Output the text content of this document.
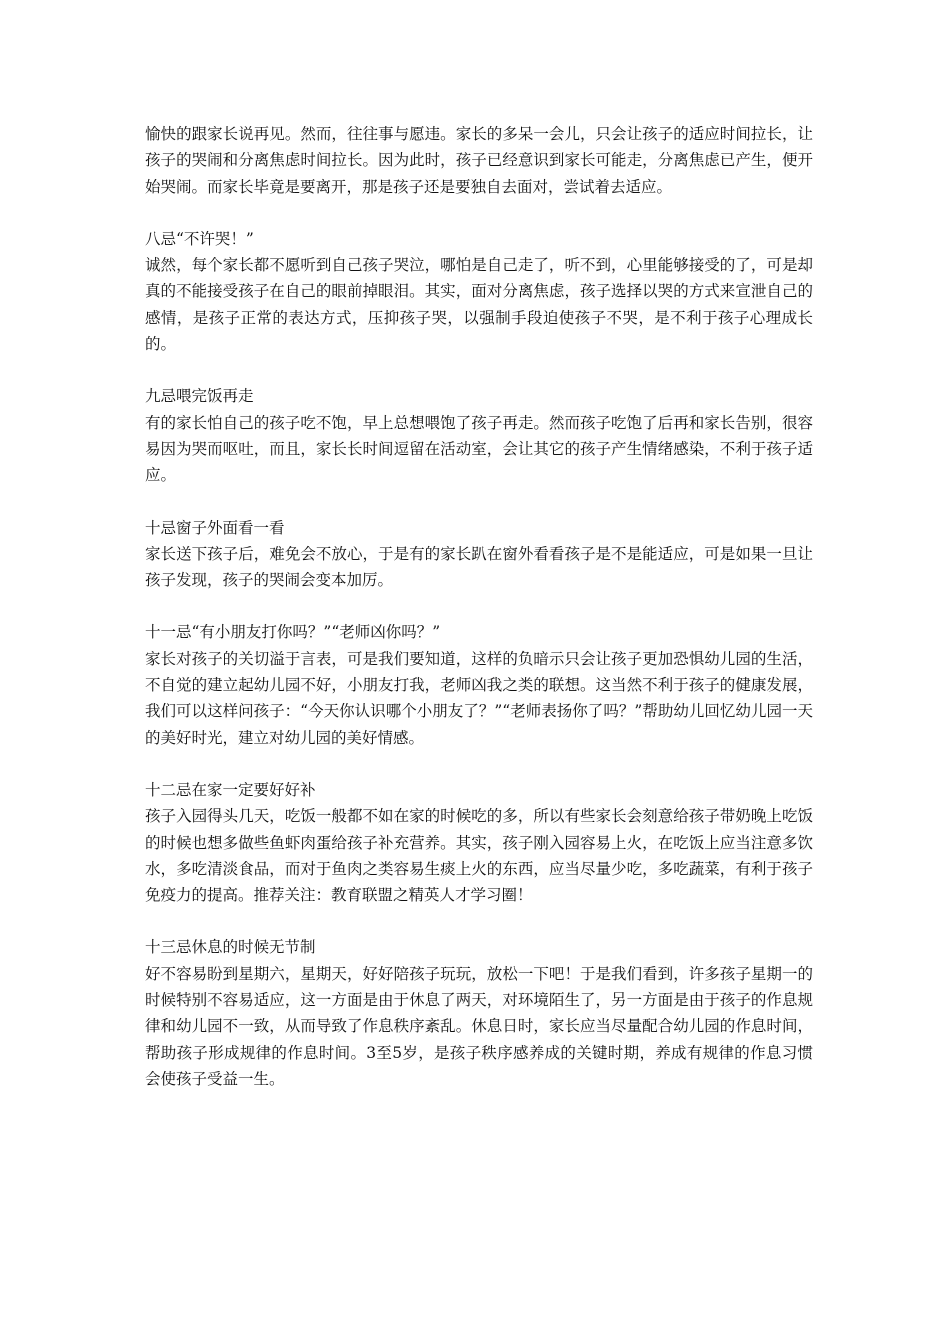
愉快的跟家长说再见。然而，往往事与愿违。家长的多呆一会儿，只会让孩子的适应时间拉长，让孩子的哭闹和分离焦虑时间拉长。因为此时，孩子已经意识到家长可能走，分离焦虑已产生，便开始哭闹。而家长毕竟是要离开，那是孩子还是要独自去面对，尝试着去适应。

八忌“不许哭！”

诚然，每个家长都不愿听到自己孩子哭泣，哪怕是自己走了，听不到，心里能够接受的了，可是却真的不能接受孩子在自己的眼前掉眼泪。其实，面对分离焦虑，孩子选择以哭的方式来宣泄自己的感情，是孩子正常的表达方式，压抑孩子哭，以强制手段迫使孩子不哭，是不利于孩子心理成长的。

九忌喂完饭再走

有的家长怕自己的孩子吃不饱，早上总想喂饱了孩子再走。然而孩子吃饱了后再和家长告别，很容易因为哭而呕吐，而且，家长长时间逗留在活动室，会让其它的孩子产生情绪感染，不利于孩子适应。

十忌窗子外面看一看

家长送下孩子后，难免会不放心，于是有的家长趴在窗外看看孩子是不是能适应，可是如果一旦让孩子发现，孩子的哭闹会变本加厉。

十一忌“有小朋友打你吗？”“老师凶你吗？”

家长对孩子的关切溢于言表，可是我们要知道，这样的负暗示只会让孩子更加恐惧幼儿园的生活，不自觉的建立起幼儿园不好，小朋友打我，老师凶我之类的联想。这当然不利于孩子的健康发展，我们可以这样问孩子：“今天你认识哪个小朋友了？”“老师表扬你了吗？”帮助幼儿回忆幼儿园一天的美好时光，建立对幼儿园的美好情感。

十二忌在家一定要好好补

孩子入园得头几天，吃饭一般都不如在家的时候吃的多，所以有些家长会刻意给孩子带奶晚上吃饭的时候也想多做些鱼虾肉蛋给孩子补充营养。其实，孩子刚入园容易上火，在吃饭上应当注意多饮水，多吃清淡食品，而对于鱼肉之类容易生痰上火的东西，应当尽量少吃，多吃蔬菜，有利于孩子免疫力的提高。推荐关注：教育联盟之精英人才学习圈！

十三忌休息的时候无节制

好不容易盼到星期六，星期天，好好陪孩子玩玩，放松一下吧！于是我们看到，许多孩子星期一的时候特别不容易适应，这一方面是由于休息了两天，对环境陌生了，另一方面是由于孩子的作息规律和幼儿园不一致，从而导致了作息秩序紊乱。休息日时，家长应当尽量配合幼儿园的作息时间，帮助孩子形成规律的作息时间。3至5岁，是孩子秩序感养成的关键时期，养成有规律的作息习惯会使孩子受益一生。
